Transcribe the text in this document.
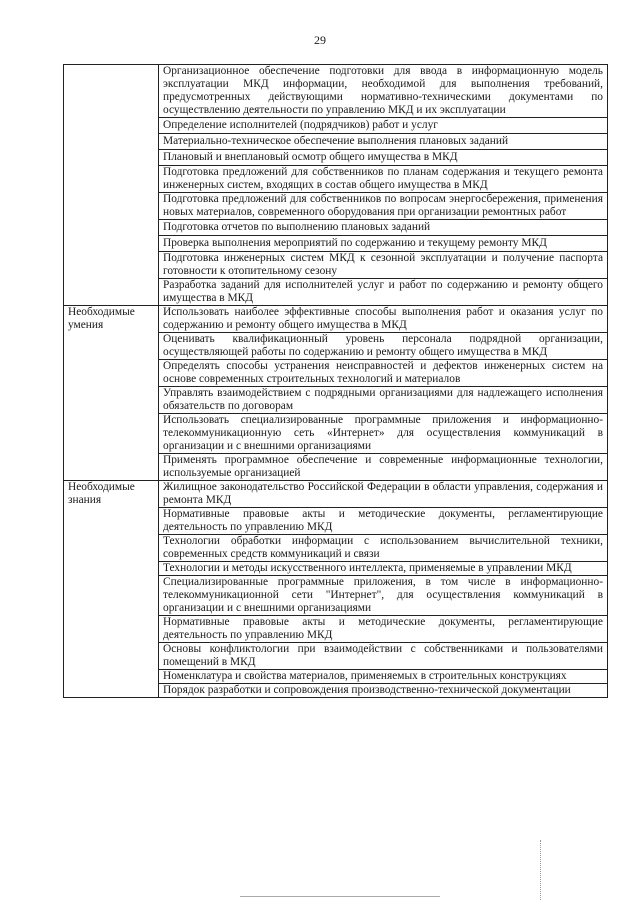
29
	Организационное обеспечение подготовки для ввода в информационную модель эксплуатации МКД информации, необходимой для выполнения требований, предусмотренных действующими нормативно-техническими документами по осуществлению деятельности по управлению МКД и их эксплуатации
	Определение исполнителей (подрядчиков) работ и услуг
	Материально-техническое обеспечение выполнения плановых заданий
	Плановый и внеплановый осмотр общего имущества в МКД
	Подготовка предложений для собственников по планам содержания и текущего ремонта инженерных систем, входящих в состав общего имущества в МКД
	Подготовка предложений для собственников по вопросам энергосбережения, применения новых материалов, современного оборудования при организации ремонтных работ
	Подготовка отчетов по выполнению плановых заданий
	Проверка выполнения мероприятий по содержанию и текущему ремонту МКД
	Подготовка инженерных систем МКД к сезонной эксплуатации и получение паспорта готовности к отопительному сезону
	Разработка заданий для исполнителей услуг и работ по содержанию и ремонту общего имущества в МКД
Необходимые умения	Использовать наиболее эффективные способы выполнения работ и оказания услуг по содержанию и ремонту общего имущества в МКД
	Оценивать квалификационный уровень персонала подрядной организации, осуществляющей работы по содержанию и ремонту общего имущества в МКД
	Определять способы устранения неисправностей и дефектов инженерных систем на основе современных строительных технологий и материалов
	Управлять взаимодействием с подрядными организациями для надлежащего исполнения обязательств по договорам
	Использовать специализированные программные приложения и информационно-телекоммуникационную сеть «Интернет» для осуществления коммуникаций в организации и с внешними организациями
	Применять программное обеспечение и современные информационные технологии, используемые организацией
Необходимые знания	Жилищное законодательство Российской Федерации в области управления, содержания и ремонта МКД
	Нормативные правовые акты и методические документы, регламентирующие деятельность по управлению МКД
	Технологии обработки информации с использованием вычислительной техники, современных средств коммуникаций и связи
	Технологии и методы искусственного интеллекта, применяемые в управлении МКД
	Специализированные программные приложения, в том числе в информационно-телекоммуникационной сети "Интернет", для осуществления коммуникаций в организации и с внешними организациями
	Нормативные правовые акты и методические документы, регламентирующие деятельность по управлению МКД
	Основы конфликтологии при взаимодействии с собственниками и пользователями помещений в МКД
	Номенклатура и свойства материалов, применяемых в строительных конструкциях
	Порядок разработки и сопровождения производственно-технической документации
